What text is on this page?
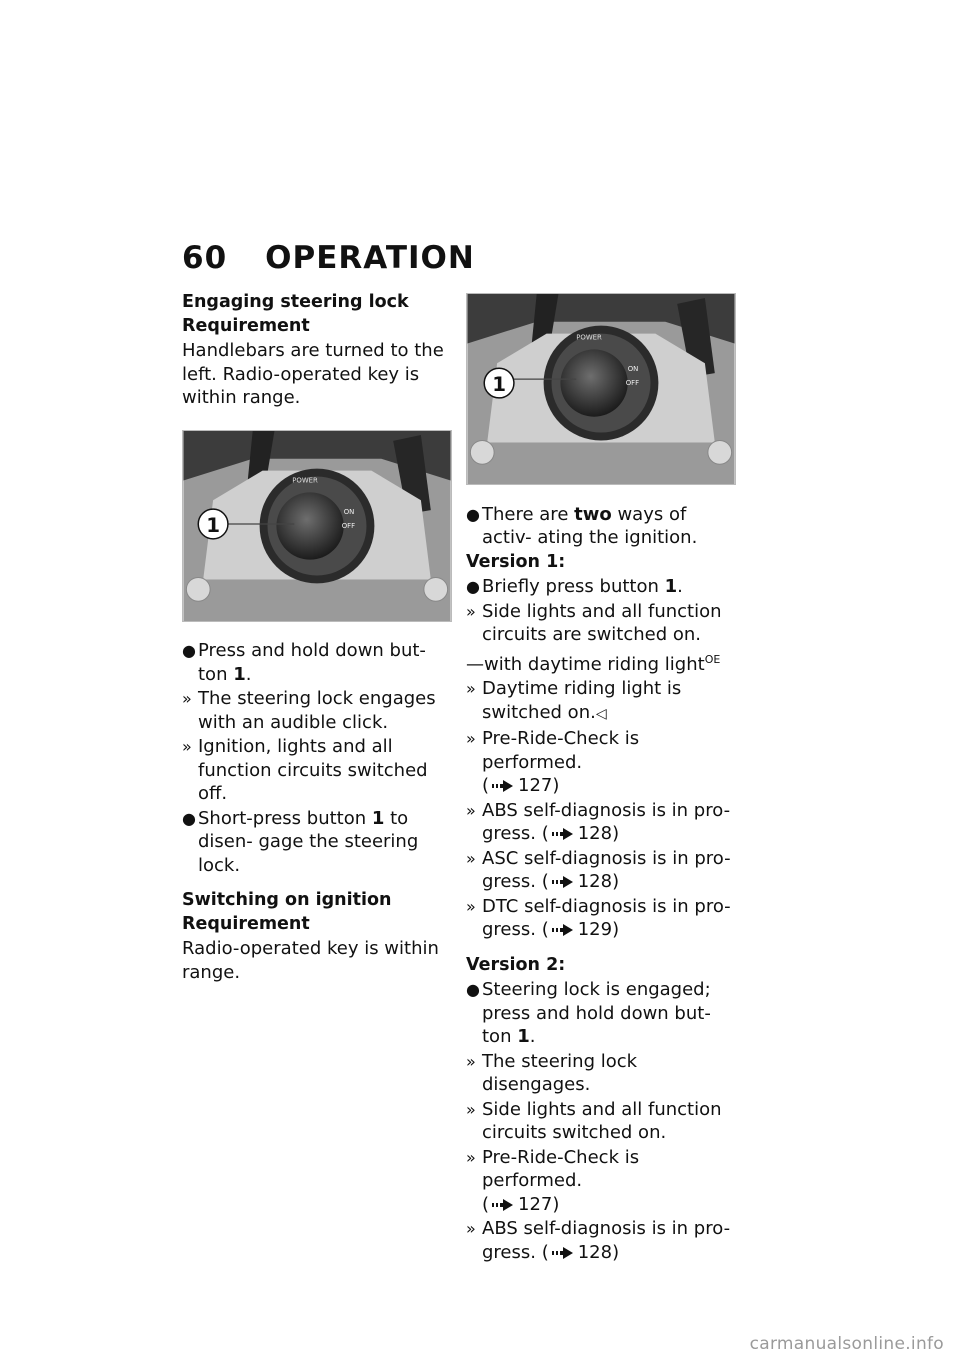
60 OPERATION
Engaging steering lock
Requirement
Handlebars are turned to the left. Radio-operated key is within range.
POWER
ON
OFF
1
● Press and hold down but- ton 1.
» The steering lock engages with an audible click.
» Ignition, lights and all function circuits switched off.
● Short-press button 1 to disen- gage the steering lock.
Switching on ignition
Requirement
Radio-operated key is within range.
POWER
ON
OFF
1
● There are two ways of activ- ating the ignition.
Version 1:
● Briefly press button 1.
» Side lights and all function circuits are switched on.
—with daytime riding light$^{OE}$
» Daytime riding light is switched on.◁
» Pre-Ride-Check is performed.
( 127)
» ABS self-diagnosis is in pro- gress. ( 128)
» ASC self-diagnosis is in pro- gress. ( 128)
» DTC self-diagnosis is in pro- gress. ( 129)
Version 2:
● Steering lock is engaged; press and hold down but- ton 1.
» The steering lock disengages.
» Side lights and all function circuits switched on.
» Pre-Ride-Check is performed.
( 127)
» ABS self-diagnosis is in pro- gress. ( 128)
carmanualsonline.info
